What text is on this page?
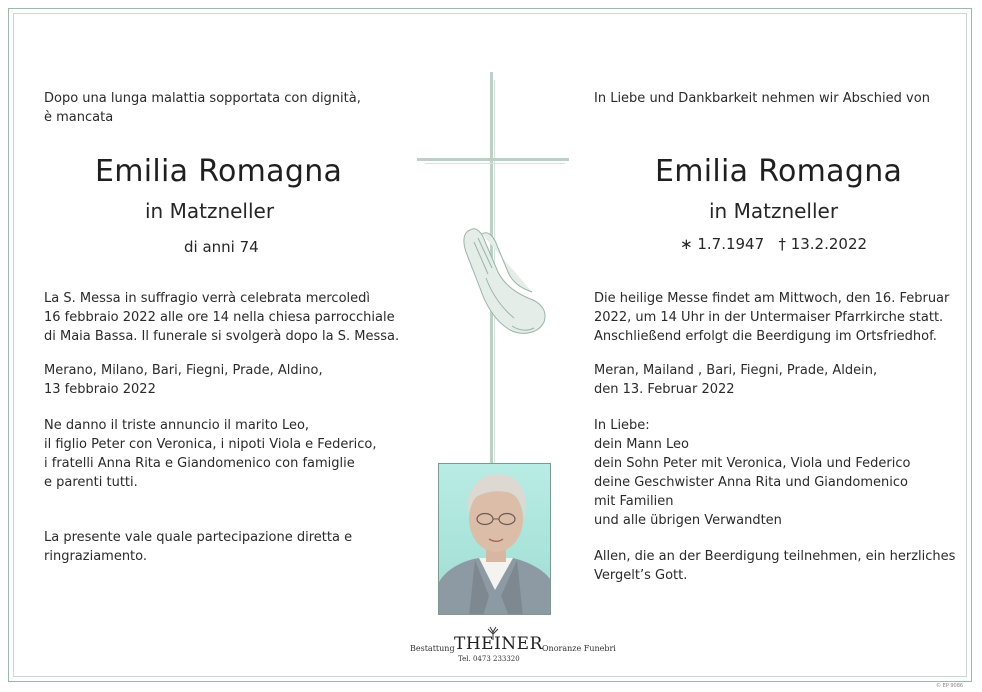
Dopo una lunga malattia sopportata con dignità,
è mancata
Emilia Romagna
in Matzneller
di anni 74
La S. Messa in suffragio verrà celebrata mercoledì
16 febbraio 2022 alle ore 14 nella chiesa parrocchiale
di Maia Bassa. Il funerale si svolgerà dopo la S. Messa.
Merano, Milano, Bari, Fiegni, Prade, Aldino,
13 febbraio 2022
Ne danno il triste annuncio il marito Leo,
il figlio Peter con Veronica, i nipoti Viola e Federico,
i fratelli Anna Rita e Giandomenico con famiglie
e parenti tutti.
La presente vale quale partecipazione diretta e
ringraziamento.
In Liebe und Dankbarkeit nehmen wir Abschied von
Emilia Romagna
in Matzneller
∗ 1.7.1947   † 13.2.2022
Die heilige Messe findet am Mittwoch, den 16. Februar
2022, um 14 Uhr in der Untermaiser Pfarrkirche statt.
Anschließend erfolgt die Beerdigung im Ortsfriedhof.
Meran, Mailand , Bari, Fiegni, Prade, Aldein,
den 13. Februar 2022
In Liebe:
dein Mann Leo
dein Sohn Peter mit Veronica, Viola und Federico
deine Geschwister Anna Rita und Giandomenico
mit Familien
und alle übrigen Verwandten
Allen, die an der Beerdigung teilnehmen, ein herzliches
Vergelt’s Gott.
Bestattung THEINER Onoranze Funebri
Tel. 0473 233320
© EP 9086
